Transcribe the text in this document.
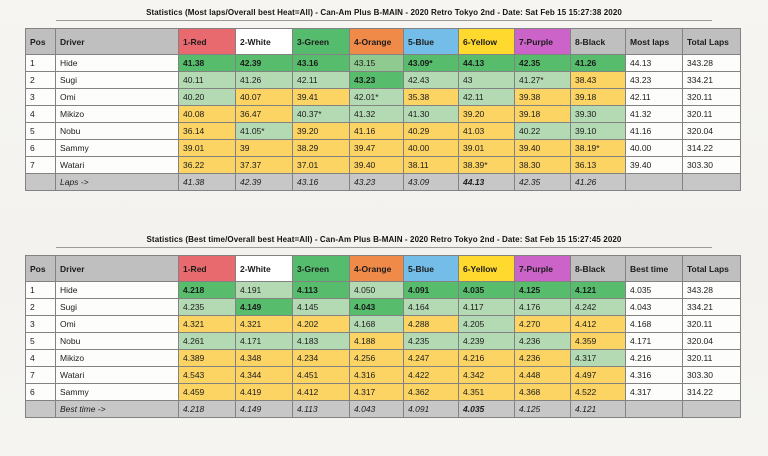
Statistics (Most laps/Overall best Heat=All) - Can-Am Plus B-MAIN - 2020 Retro Tokyo 2nd - Date: Sat Feb 15 15:27:38 2020
Pos	Driver	1-Red	2-White	3-Green	4-Orange	5-Blue	6-Yellow	7-Purple	8-Black	Most laps	Total Laps
1	Hide	41.38	42.39	43.16	43.15	43.09*	44.13	42.35	41.26	44.13	343.28
2	Sugi	40.11	41.26	42.11	43.23	42.43	43	41.27*	38.43	43.23	334.21
3	Omi	40.20	40.07	39.41	42.01*	35.38	42.11	39.38	39.18	42.11	320.11
4	Mikizo	40.08	36.47	40.37*	41.32	41.30	39.20	39.18	39.30	41.32	320.11
5	Nobu	36.14	41.05*	39.20	41.16	40.29	41.03	40.22	39.10	41.16	320.04
6	Sammy	39.01	39	38.29	39.47	40.00	39.01	39.40	38.19*	40.00	314.22
7	Watari	36.22	37.37	37.01	39.40	38.11	38.39*	38.30	36.13	39.40	303.30
	Laps ->	41.38	42.39	43.16	43.23	43.09	44.13	42.35	41.26		
Statistics (Best time/Overall best Heat=All) - Can-Am Plus B-MAIN - 2020 Retro Tokyo 2nd - Date: Sat Feb 15 15:27:45 2020
Pos	Driver	1-Red	2-White	3-Green	4-Orange	5-Blue	6-Yellow	7-Purple	8-Black	Best time	Total Laps
1	Hide	4.218	4.191	4.113	4.050	4.091	4.035	4.125	4.121	4.035	343.28
2	Sugi	4.235	4.149	4.145	4.043	4.164	4.117	4.176	4.242	4.043	334.21
3	Omi	4.321	4.321	4.202	4.168	4.288	4.205	4.270	4.412	4.168	320.11
5	Nobu	4.261	4.171	4.183	4.188	4.235	4.239	4.236	4.359	4.171	320.04
4	Mikizo	4.389	4.348	4.234	4.256	4.247	4.216	4.236	4.317	4.216	320.11
7	Watari	4.543	4.344	4.451	4.316	4.422	4.342	4.448	4.497	4.316	303.30
6	Sammy	4.459	4.419	4.412	4.317	4.362	4.351	4.368	4.522	4.317	314.22
	Best time ->	4.218	4.149	4.113	4.043	4.091	4.035	4.125	4.121		
